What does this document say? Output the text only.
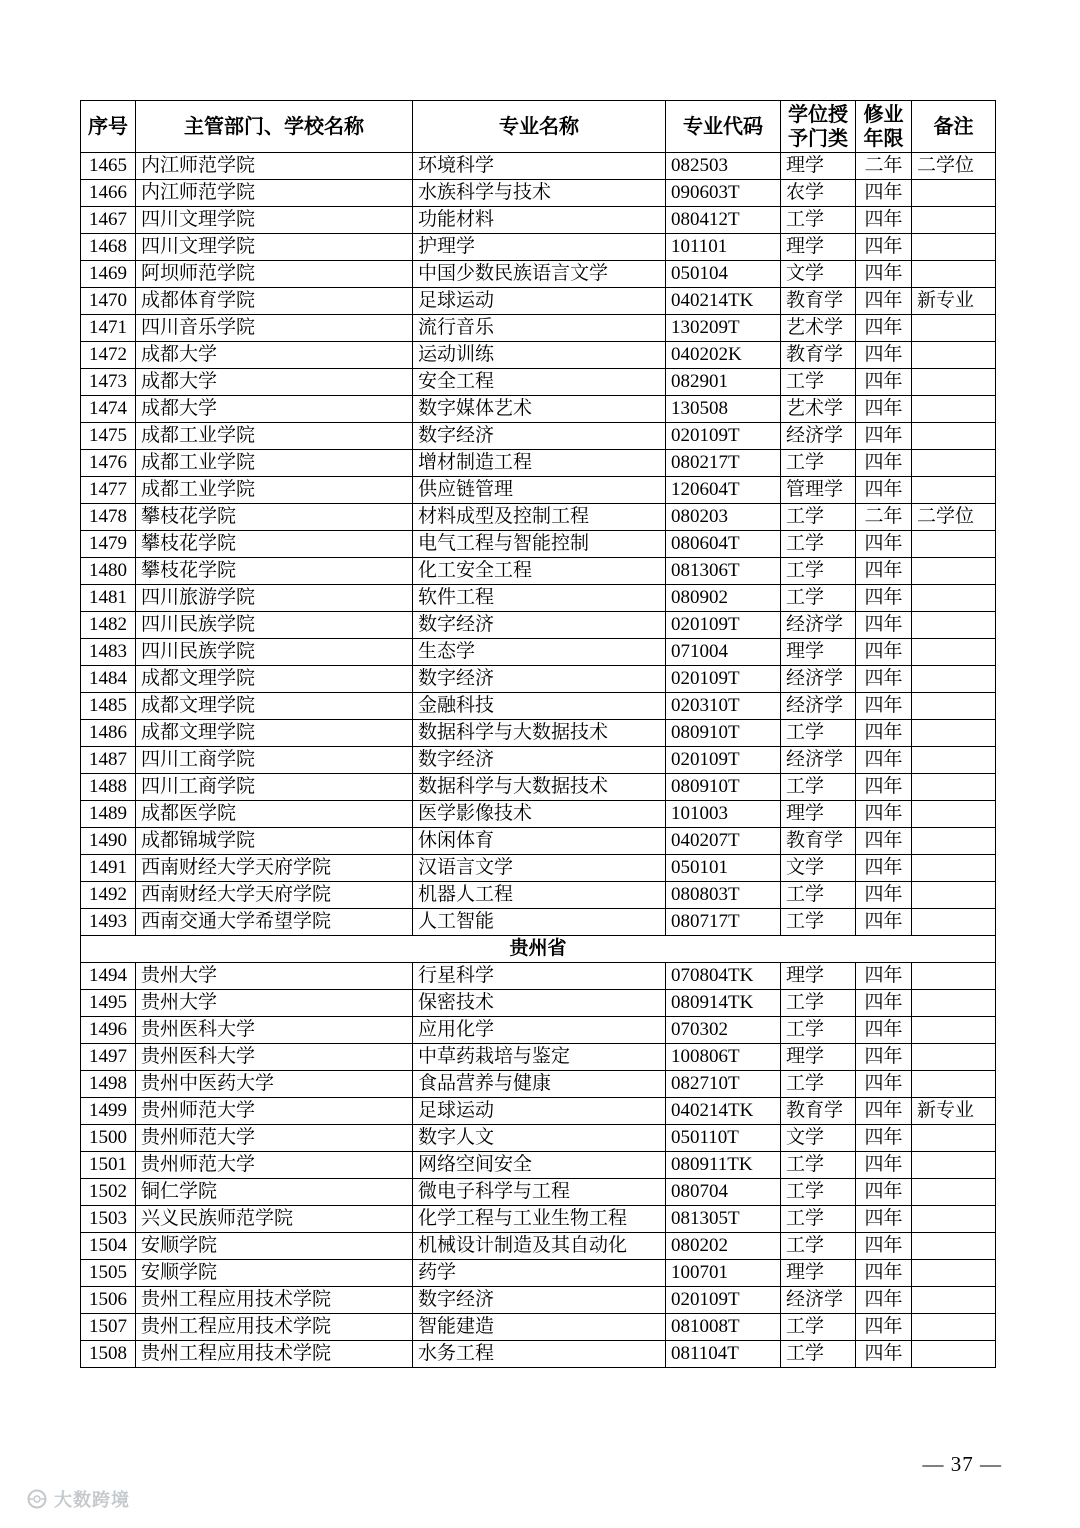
序号	主管部门、学校名称	专业名称	专业代码	学位授予门类	修业年限	备注
1465	内江师范学院	环境科学	082503	理学	二年	二学位
1466	内江师范学院	水族科学与技术	090603T	农学	四年	
1467	四川文理学院	功能材料	080412T	工学	四年	
1468	四川文理学院	护理学	101101	理学	四年	
1469	阿坝师范学院	中国少数民族语言文学	050104	文学	四年	
1470	成都体育学院	足球运动	040214TK	教育学	四年	新专业
1471	四川音乐学院	流行音乐	130209T	艺术学	四年	
1472	成都大学	运动训练	040202K	教育学	四年	
1473	成都大学	安全工程	082901	工学	四年	
1474	成都大学	数字媒体艺术	130508	艺术学	四年	
1475	成都工业学院	数字经济	020109T	经济学	四年	
1476	成都工业学院	增材制造工程	080217T	工学	四年	
1477	成都工业学院	供应链管理	120604T	管理学	四年	
1478	攀枝花学院	材料成型及控制工程	080203	工学	二年	二学位
1479	攀枝花学院	电气工程与智能控制	080604T	工学	四年	
1480	攀枝花学院	化工安全工程	081306T	工学	四年	
1481	四川旅游学院	软件工程	080902	工学	四年	
1482	四川民族学院	数字经济	020109T	经济学	四年	
1483	四川民族学院	生态学	071004	理学	四年	
1484	成都文理学院	数字经济	020109T	经济学	四年	
1485	成都文理学院	金融科技	020310T	经济学	四年	
1486	成都文理学院	数据科学与大数据技术	080910T	工学	四年	
1487	四川工商学院	数字经济	020109T	经济学	四年	
1488	四川工商学院	数据科学与大数据技术	080910T	工学	四年	
1489	成都医学院	医学影像技术	101003	理学	四年	
1490	成都锦城学院	休闲体育	040207T	教育学	四年	
1491	西南财经大学天府学院	汉语言文学	050101	文学	四年	
1492	西南财经大学天府学院	机器人工程	080803T	工学	四年	
1493	西南交通大学希望学院	人工智能	080717T	工学	四年	
贵州省						
1494	贵州大学	行星科学	070804TK	理学	四年	
1495	贵州大学	保密技术	080914TK	工学	四年	
1496	贵州医科大学	应用化学	070302	工学	四年	
1497	贵州医科大学	中草药栽培与鉴定	100806T	理学	四年	
1498	贵州中医药大学	食品营养与健康	082710T	工学	四年	
1499	贵州师范大学	足球运动	040214TK	教育学	四年	新专业
1500	贵州师范大学	数字人文	050110T	文学	四年	
1501	贵州师范大学	网络空间安全	080911TK	工学	四年	
1502	铜仁学院	微电子科学与工程	080704	工学	四年	
1503	兴义民族师范学院	化学工程与工业生物工程	081305T	工学	四年	
1504	安顺学院	机械设计制造及其自动化	080202	工学	四年	
1505	安顺学院	药学	100701	理学	四年	
1506	贵州工程应用技术学院	数字经济	020109T	经济学	四年	
1507	贵州工程应用技术学院	智能建造	081008T	工学	四年	
1508	贵州工程应用技术学院	水务工程	081104T	工学	四年	
— 37 —
大数跨境
